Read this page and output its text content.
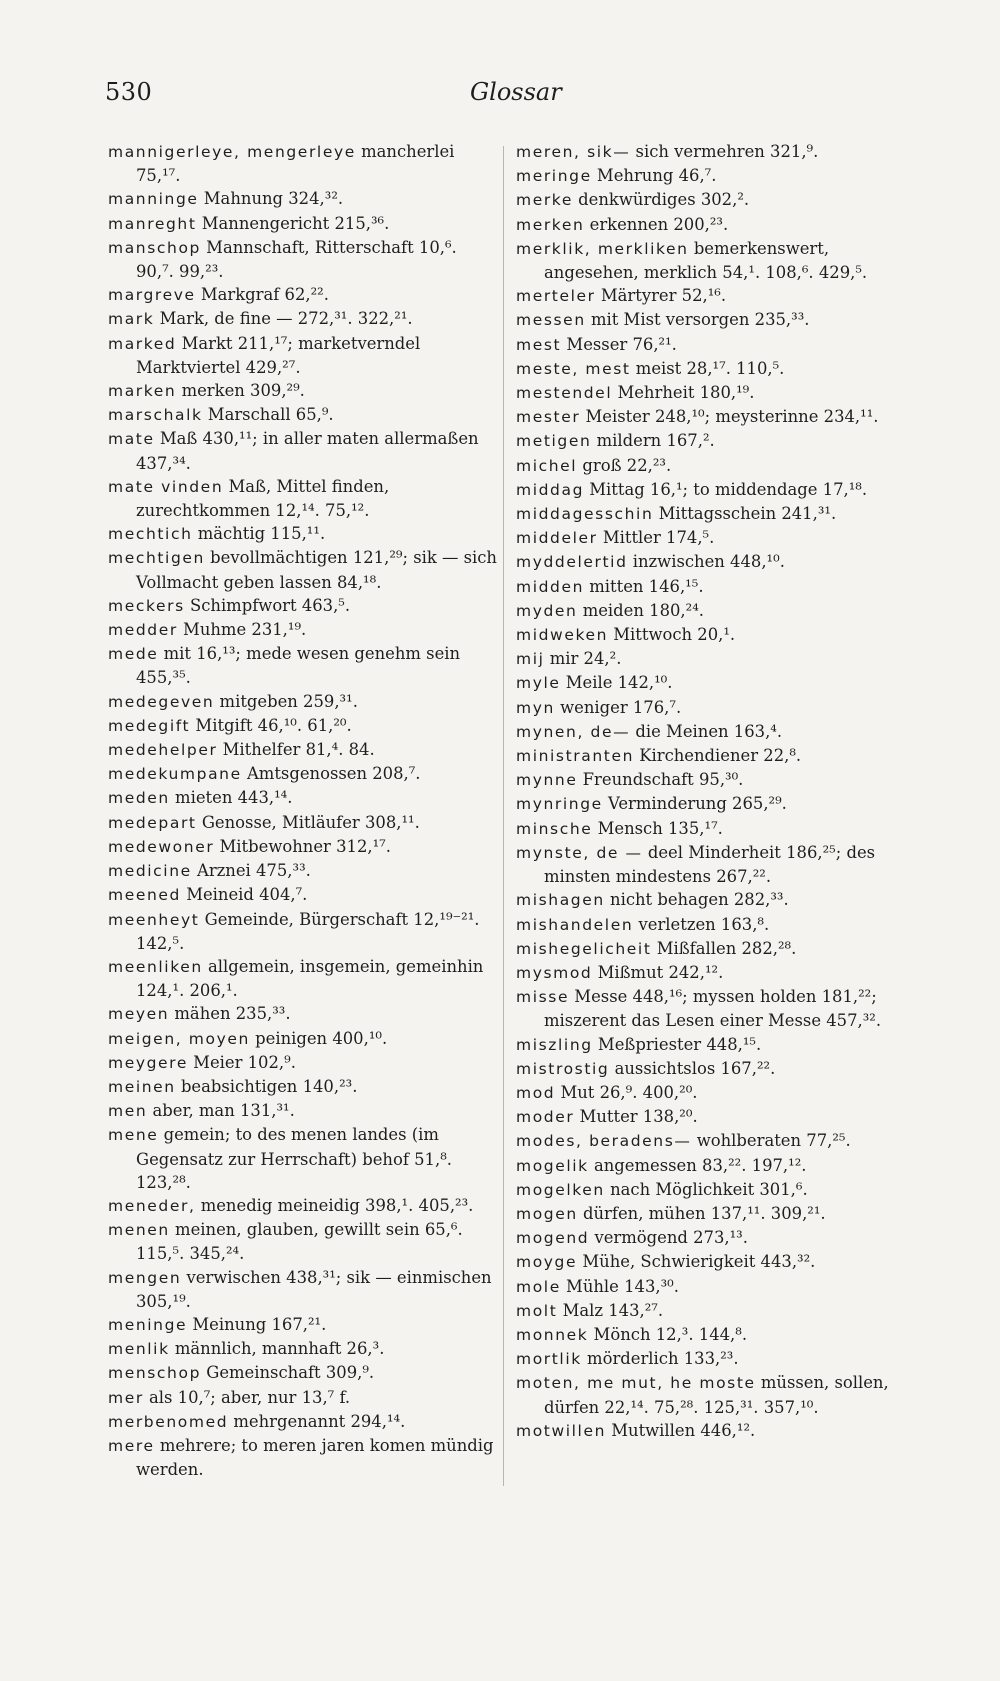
530	Glossar

mannigerleye, mengerleye mancherlei 75,¹⁷.

manninge Mahnung 324,³².

manreght Mannengericht 215,³⁶.

manschop Mannschaft, Ritterschaft 10,⁶. 90,⁷. 99,²³.

margreve Markgraf 62,²².

mark Mark, de fine — 272,³¹. 322,²¹.

marked Markt 211,¹⁷; marketverndel Marktviertel 429,²⁷.

marken merken 309,²⁹.

marschalk Marschall 65,⁹.

mate Maß 430,¹¹; in aller maten allermaßen 437,³⁴.

mate vinden Maß, Mittel finden, zurechtkommen 12,¹⁴. 75,¹².

mechtich mächtig 115,¹¹.

mechtigen bevollmächtigen 121,²⁹; sik — sich Vollmacht geben lassen 84,¹⁸.

meckers Schimpfwort 463,⁵.

medder Muhme 231,¹⁹.

mede mit 16,¹³; mede wesen genehm sein 455,³⁵.

medegeven mitgeben 259,³¹.

medegift Mitgift 46,¹⁰. 61,²⁰.

medehelper Mithelfer 81,⁴. 84.

medekumpane Amtsgenossen 208,⁷.

meden mieten 443,¹⁴.

medepart Genosse, Mitläufer 308,¹¹.

medewoner Mitbewohner 312,¹⁷.

medicine Arznei 475,³³.

meened Meineid 404,⁷.

meenheyt Gemeinde, Bürgerschaft 12,¹⁹⁻²¹. 142,⁵.

meenliken allgemein, insgemein, gemeinhin 124,¹. 206,¹.

meyen mähen 235,³³.

meigen, moyen peinigen 400,¹⁰.

meygere Meier 102,⁹.

meinen beabsichtigen 140,²³.

men aber, man 131,³¹.

mene gemein; to des menen landes (im Gegensatz zur Herrschaft) behof 51,⁸. 123,²⁸.

meneder, menedig meineidig 398,¹. 405,²³.

menen meinen, glauben, gewillt sein 65,⁶. 115,⁵. 345,²⁴.

mengen verwischen 438,³¹; sik — einmischen 305,¹⁹.

meninge Meinung 167,²¹.

menlik männlich, mannhaft 26,³.

menschop Gemeinschaft 309,⁹.

mer als 10,⁷; aber, nur 13,⁷ f.

merbenomed mehrgenannt 294,¹⁴.

mere mehrere; to meren jaren komen mündig werden.

meren, sik— sich vermehren 321,⁹.

meringe Mehrung 46,⁷.

merke denkwürdiges 302,².

merken erkennen 200,²³.

merklik, merkliken bemerkenswert, angesehen, merklich 54,¹. 108,⁶. 429,⁵.

merteler Märtyrer 52,¹⁶.

messen mit Mist versorgen 235,³³.

mest Messer 76,²¹.

meste, mest meist 28,¹⁷. 110,⁵.

mestendel Mehrheit 180,¹⁹.

mester Meister 248,¹⁰; meysterinne 234,¹¹.

metigen mildern 167,².

michel groß 22,²³.

middag Mittag 16,¹; to middendage 17,¹⁸.

middagesschin Mittagsschein 241,³¹.

middeler Mittler 174,⁵.

myddelertid inzwischen 448,¹⁰.

midden mitten 146,¹⁵.

myden meiden 180,²⁴.

midweken Mittwoch 20,¹.

mij mir 24,².

myle Meile 142,¹⁰.

myn weniger 176,⁷.

mynen, de— die Meinen 163,⁴.

ministranten Kirchendiener 22,⁸.

mynne Freundschaft 95,³⁰.

mynringe Verminderung 265,²⁹.

minsche Mensch 135,¹⁷.

mynste, de — deel Minderheit 186,²⁵; des minsten mindestens 267,²².

mishagen nicht behagen 282,³³.

mishandelen verletzen 163,⁸.

mishegelicheit Mißfallen 282,²⁸.

mysmod Mißmut 242,¹².

misse Messe 448,¹⁶; myssen holden 181,²²; miszerent das Lesen einer Messe 457,³².

miszling Meßpriester 448,¹⁵.

mistrostig aussichtslos 167,²².

mod Mut 26,⁹. 400,²⁰.

moder Mutter 138,²⁰.

modes, beradens— wohlberaten 77,²⁵.

mogelik angemessen 83,²². 197,¹².

mogelken nach Möglichkeit 301,⁶.

mogen dürfen, mühen 137,¹¹. 309,²¹.

mogend vermögend 273,¹³.

moyge Mühe, Schwierigkeit 443,³².

mole Mühle 143,³⁰.

molt Malz 143,²⁷.

monnek Mönch 12,³. 144,⁸.

mortlik mörderlich 133,²³.

moten, me mut, he moste müssen, sollen, dürfen 22,¹⁴. 75,²⁸. 125,³¹. 357,¹⁰.

motwillen Mutwillen 446,¹².
